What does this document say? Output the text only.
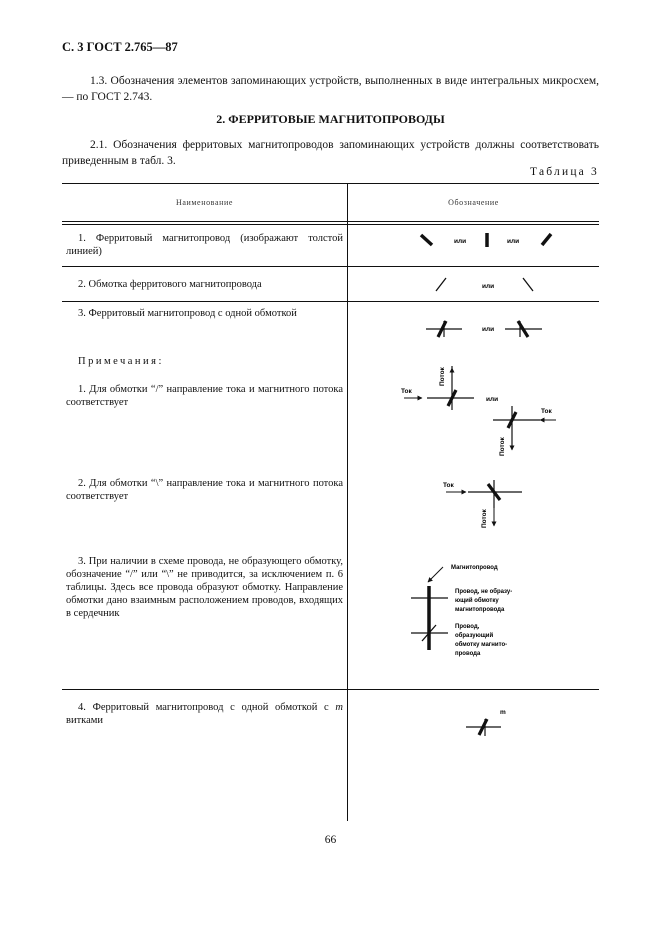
С. 3 ГОСТ 2.765—87
1.3. Обозначения элементов запоминающих устройств, выполненных в виде интегральных микросхем, — по ГОСТ 2.743.
2. ФЕРРИТОВЫЕ МАГНИТОПРОВОДЫ
2.1. Обозначения ферритовых магнитопроводов запоминающих устройств должны соответствовать приведенным в табл. 3.
Таблица 3
Наименование	Обозначение
1. Ферритовый магнитопровод (изображают толстой линией)
2. Обмотка ферритового магнитопровода
3. Ферритовый магнитопровод с одной обмоткой
Примечания:
1. Для обмотки “/” направление тока и магнитного потока соответствует
2. Для обмотки “\” направление тока и магнитного потока соответствует
3. При наличии в схеме провода, не образующего обмотку, обозначение “/” или “\” не приводится, за исключением п. 6 таблицы. Здесь все провода образуют обмотку. Направление обмотки дано взаимным расположением проводов, входящих в сердечник
4. Ферритовый магнитопровод с одной обмоткой с m витками
или	или
или
или
Ток
Поток
или
Ток
Поток
Ток
Поток
Магнитопровод
Провод, не образу-
ющий обмотку
магнитопровода
Провод,
образующий
обмотку магнито-
провода
m
66
